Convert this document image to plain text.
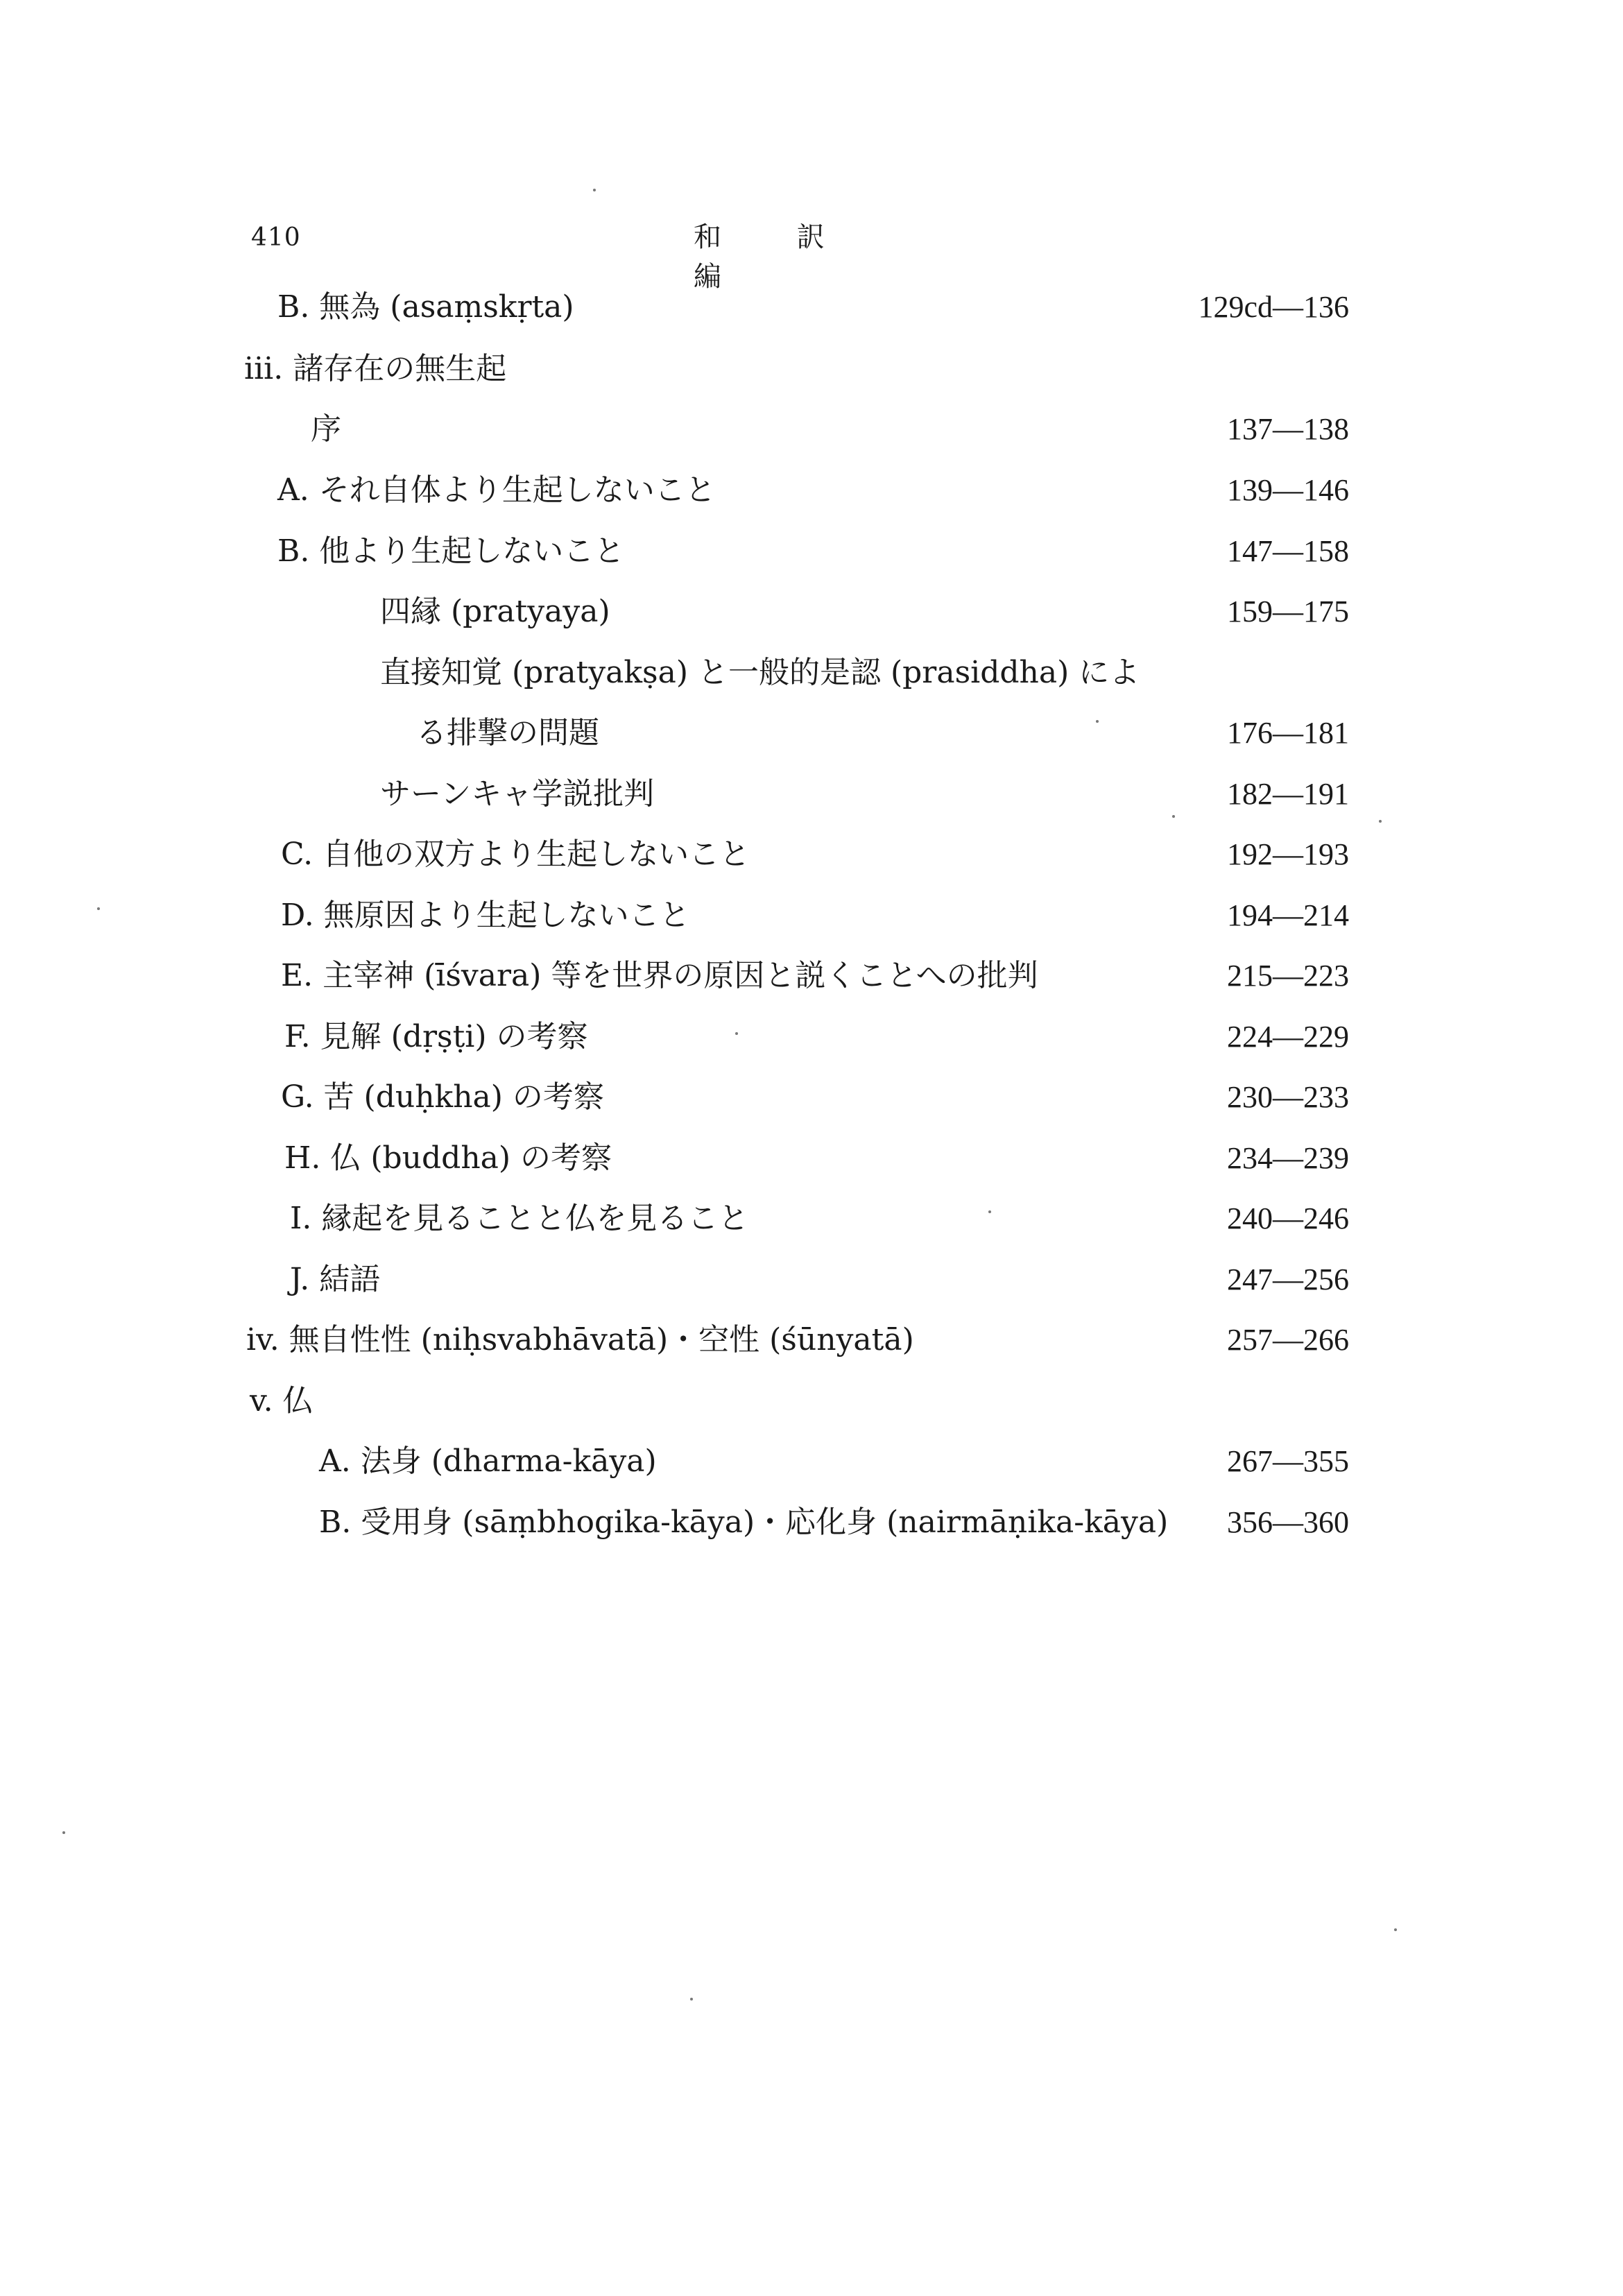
410	和 訳 編
B. 無為 (asaṃskṛta)	129cd—136
iii. 諸存在の無生起
序	137—138
A. それ自体より生起しないこと	139—146
B. 他より生起しないこと	147—158
四縁 (pratyaya)	159—175
直接知覚 (pratyakṣa) と一般的是認 (prasiddha) によ
る排撃の問題	176—181
サーンキャ学説批判	182—191
C. 自他の双方より生起しないこと	192—193
D. 無原因より生起しないこと	194—214
E. 主宰神 (īśvara) 等を世界の原因と説くことへの批判	215—223
F. 見解 (dṛṣṭi) の考察	224—229
G. 苦 (duḥkha) の考察	230—233
H. 仏 (buddha) の考察	234—239
I. 縁起を見ることと仏を見ること	240—246
J. 結語	247—256
iv. 無自性性 (niḥsvabhāvatā)・空性 (śūnyatā)	257—266
v. 仏
A. 法身 (dharma-kāya)	267—355
B. 受用身 (sāṃbhogika-kāya)・応化身 (nairmāṇika-kāya) 356—360
